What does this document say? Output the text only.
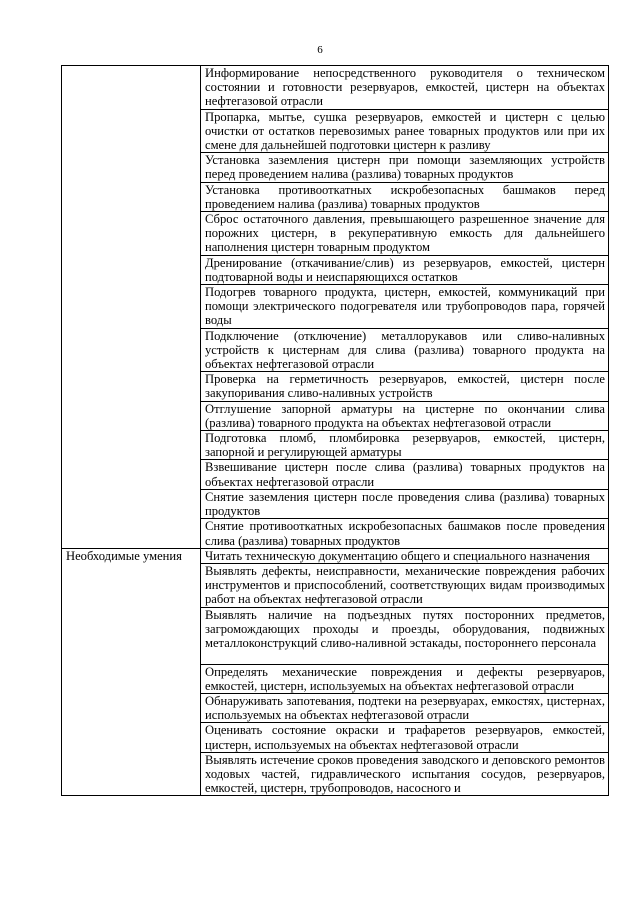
6

	Информирование непосредственного руководителя о техническом состоянии и готовности резервуаров, емкостей, цистерн на объектах нефтегазовой отрасли

	Пропарка, мытье, сушка резервуаров, емкостей и цистерн с целью очистки от остатков перевозимых ранее товарных продуктов или при их смене для дальнейшей подготовки цистерн к разливу

	Установка заземления цистерн при помощи заземляющих устройств перед проведением налива (разлива) товарных продуктов

	Установка противооткатных искробезопасных башмаков перед проведением налива (разлива) товарных продуктов

	Сброс остаточного давления, превышающего разрешенное значение для порожних цистерн, в рекуперативную емкость для дальнейшего наполнения цистерн товарным продуктом

	Дренирование (откачивание/слив) из резервуаров, емкостей, цистерн подтоварной воды и неиспаряющихся остатков

	Подогрев товарного продукта, цистерн, емкостей, коммуникаций при помощи электрического подогревателя или трубопроводов пара, горячей воды

	Подключение (отключение) металлорукавов или сливо-наливных устройств к цистернам для слива (разлива) товарного продукта на объектах нефтегазовой отрасли

	Проверка на герметичность резервуаров, емкостей, цистерн после закупоривания сливо-наливных устройств

	Отглушение запорной арматуры на цистерне по окончании слива (разлива) товарного продукта на объектах нефтегазовой отрасли

	Подготовка пломб, пломбировка резервуаров, емкостей, цистерн, запорной и регулирующей арматуры

	Взвешивание цистерн после слива (разлива) товарных продуктов на объектах нефтегазовой отрасли

	Снятие заземления цистерн после проведения слива (разлива) товарных продуктов

	Снятие противооткатных искробезопасных башмаков после проведения слива (разлива) товарных продуктов

Необходимые умения	Читать техническую документацию общего и специального назначения

	Выявлять дефекты, неисправности, механические повреждения рабочих инструментов и приспособлений, соответствующих видам производимых работ на объектах нефтегазовой отрасли

	Выявлять наличие на подъездных путях посторонних предметов, загромождающих проходы и проезды, оборудования, подвижных металлоконструкций сливо-наливной эстакады, постороннего персонала

	Определять механические повреждения и дефекты резервуаров, емкостей, цистерн, используемых на объектах нефтегазовой отрасли

	Обнаруживать запотевания, подтеки на резервуарах, емкостях, цистернах, используемых на объектах нефтегазовой отрасли

	Оценивать состояние окраски и трафаретов резервуаров, емкостей, цистерн, используемых на объектах нефтегазовой отрасли

	Выявлять истечение сроков проведения заводского и деповского ремонтов ходовых частей, гидравлического испытания сосудов, резервуаров, емкостей, цистерн, трубопроводов, насосного и
